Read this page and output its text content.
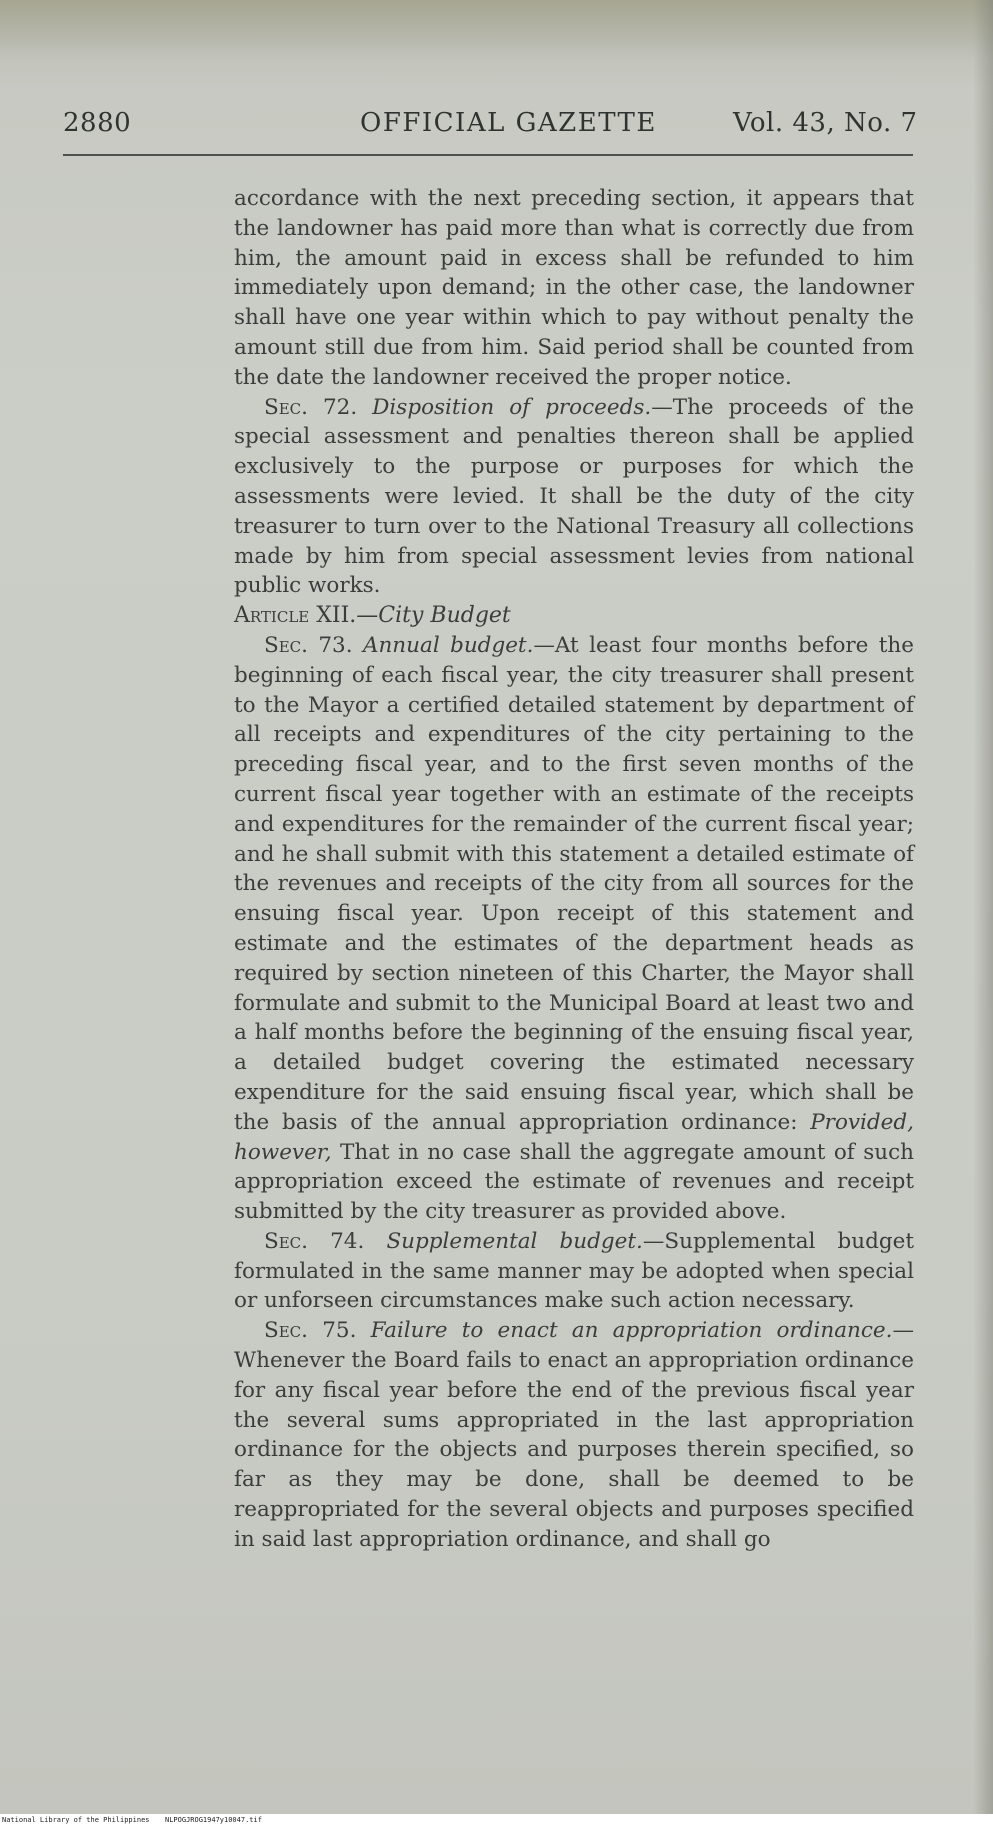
2880	OFFICIAL GAZETTE	Vol. 43, No. 7

accordance with the next preceding section, it appears that the landowner has paid more than what is correctly due from him, the amount paid in excess shall be refunded to him immediately upon demand; in the other case, the landowner shall have one year within which to pay without penalty the amount still due from him. Said period shall be counted from the date the landowner received the proper notice.

Sec. 72. Disposition of proceeds.—The proceeds of the special assessment and penalties thereon shall be applied exclusively to the purpose or purposes for which the assessments were levied. It shall be the duty of the city treasurer to turn over to the National Treasury all collections made by him from special assessment levies from national public works.

Article XII.—City Budget

Sec. 73. Annual budget.—At least four months before the beginning of each fiscal year, the city treasurer shall present to the Mayor a certified detailed statement by department of all receipts and expenditures of the city pertaining to the preceding fiscal year, and to the first seven months of the current fiscal year together with an estimate of the receipts and expenditures for the remainder of the current fiscal year; and he shall submit with this statement a detailed estimate of the revenues and receipts of the city from all sources for the ensuing fiscal year. Upon receipt of this statement and estimate and the estimates of the department heads as required by section nineteen of this Charter, the Mayor shall formulate and submit to the Municipal Board at least two and a half months before the beginning of the ensuing fiscal year, a detailed budget covering the estimated necessary expenditure for the said ensuing fiscal year, which shall be the basis of the annual appropriation ordinance: Provided, however, That in no case shall the aggregate amount of such appropriation exceed the estimate of revenues and receipt submitted by the city treasurer as provided above.

Sec. 74. Supplemental budget.—Supplemental budget formulated in the same manner may be adopted when special or unforseen circumstances make such action necessary.

Sec. 75. Failure to enact an appropriation ordinance.—Whenever the Board fails to enact an appropriation ordinance for any fiscal year before the end of the previous fiscal year the several sums appropriated in the last appropriation ordinance for the objects and purposes therein specified, so far as they may be done, shall be deemed to be reappropriated for the several objects and purposes specified in said last appropriation ordinance, and shall go

National Library of the Philippines NLPOGJROG1947y10047.tif
